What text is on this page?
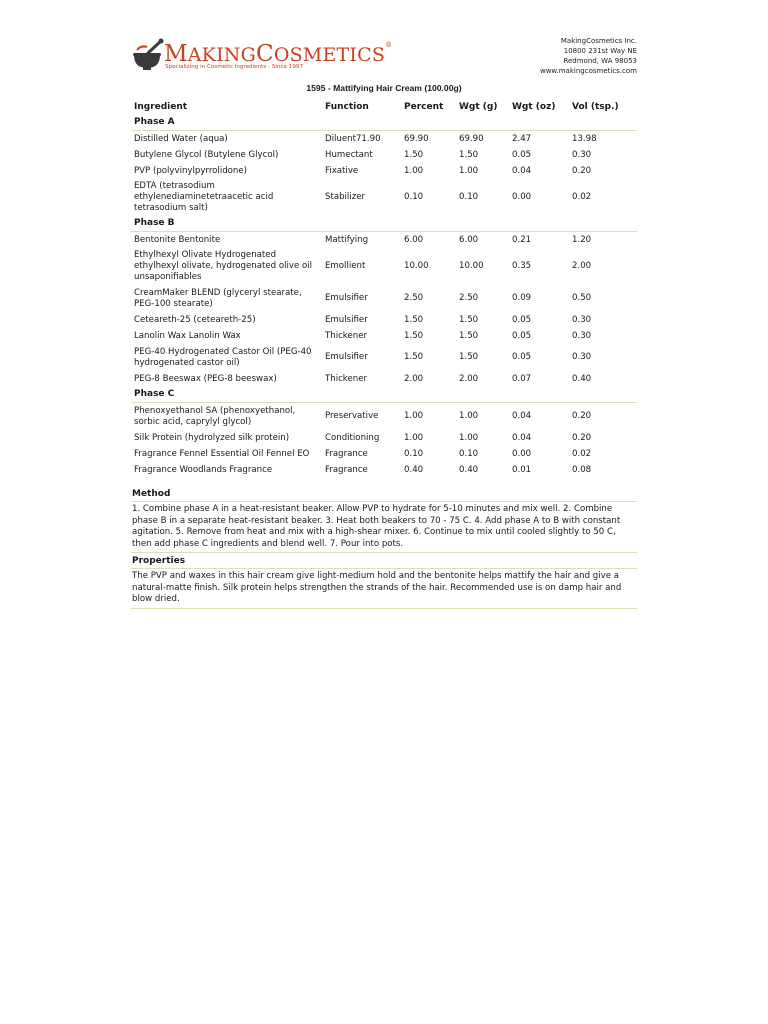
MAKINGCOSMETICS®
Specializing in Cosmetic Ingredients - Since 1997
MakingCosmetics Inc.
10800 231st Way NE
Redmond, WA 98053
www.makingcosmetics.com
1595 - Mattifying Hair Cream (100.00g)
Ingredient	Function	Percent	Wgt (g)	Wgt (oz)	Vol (tsp.)
Phase A					
Distilled Water (aqua)	Diluent71.90	69.90	69.90	2.47	13.98
Butylene Glycol (Butylene Glycol)	Humectant	1.50	1.50	0.05	0.30
PVP (polyvinylpyrrolidone)	Fixative	1.00	1.00	0.04	0.20
EDTA (tetrasodium ethylenediaminetetraacetic acid tetrasodium salt)	Stabilizer	0.10	0.10	0.00	0.02
Phase B					
Bentonite Bentonite	Mattifying	6.00	6.00	0.21	1.20
Ethylhexyl Olivate Hydrogenated ethylhexyl olivate, hydrogenated olive oil unsaponifiables	Emollient	10.00	10.00	0.35	2.00
CreamMaker BLEND (glyceryl stearate, PEG-100 stearate)	Emulsifier	2.50	2.50	0.09	0.50
Ceteareth-25 (ceteareth-25)	Emulsifier	1.50	1.50	0.05	0.30
Lanolin Wax Lanolin Wax	Thickener	1.50	1.50	0.05	0.30
PEG-40 Hydrogenated Castor Oil (PEG-40 hydrogenated castor oil)	Emulsifier	1.50	1.50	0.05	0.30
PEG-8 Beeswax (PEG-8 beeswax)	Thickener	2.00	2.00	0.07	0.40
Phase C					
Phenoxyethanol SA (phenoxyethanol, sorbic acid, caprylyl glycol)	Preservative	1.00	1.00	0.04	0.20
Silk Protein (hydrolyzed silk protein)	Conditioning	1.00	1.00	0.04	0.20
Fragrance Fennel Essential Oil Fennel EO	Fragrance	0.10	0.10	0.00	0.02
Fragrance Woodlands Fragrance	Fragrance	0.40	0.40	0.01	0.08
Method
1. Combine phase A in a heat-resistant beaker. Allow PVP to hydrate for 5-10 minutes and mix well. 2. Combine phase B in a separate heat-resistant beaker. 3. Heat both beakers to 70 - 75 C. 4. Add phase A to B with constant agitation. 5. Remove from heat and mix with a high-shear mixer. 6. Continue to mix until cooled slightly to 50 C, then add phase C ingredients and blend well. 7. Pour into pots.
Properties
The PVP and waxes in this hair cream give light-medium hold and the bentonite helps mattify the hair and give a natural-matte finish. Silk protein helps strengthen the strands of the hair. Recommended use is on damp hair and blow dried.
